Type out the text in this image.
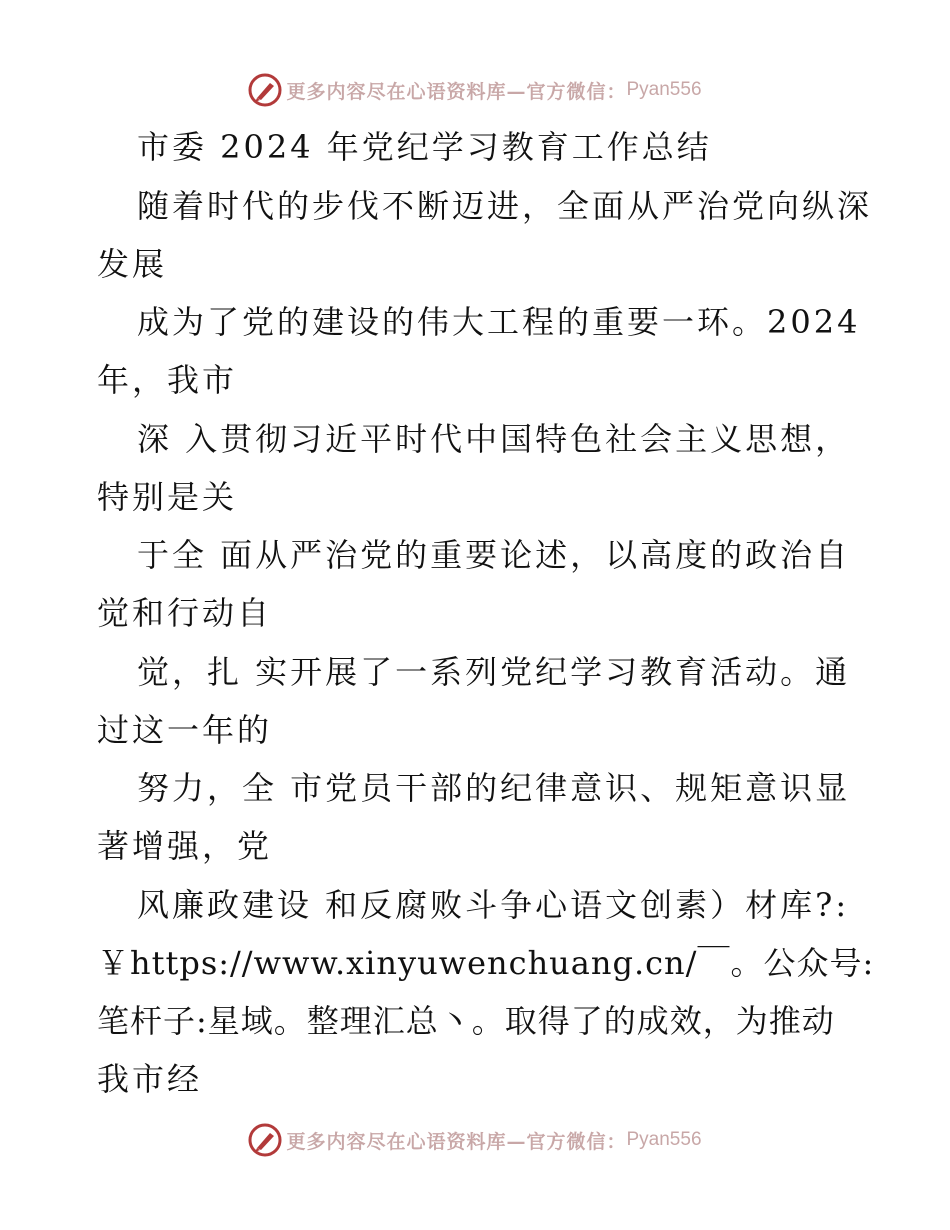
更多内容尽在心语资料库—官方微信： Pyan556

市委 2024 年党纪学习教育工作总结

随着时代的步伐不断迈进，全面从严治党向纵深

发展

成为了党的建设的伟大工程的重要一环。2024

年，我市

深 入贯彻习近平时代中国特色社会主义思想，

特别是关

于全 面从严治党的重要论述，以高度的政治自

觉和行动自

觉，扎 实开展了一系列党纪学习教育活动。通

过这一年的

努力，全 市党员干部的纪律意识、规矩意识显

著增强，党

风廉政建设 和反腐败斗争心语文创素）材库?:

￥https://www.xinyuwenchuang.cn/￣。公众号:

笔杆子:星域。整理汇总丶。取得了的成效，为推动

我市经

更多内容尽在心语资料库—官方微信： Pyan556
